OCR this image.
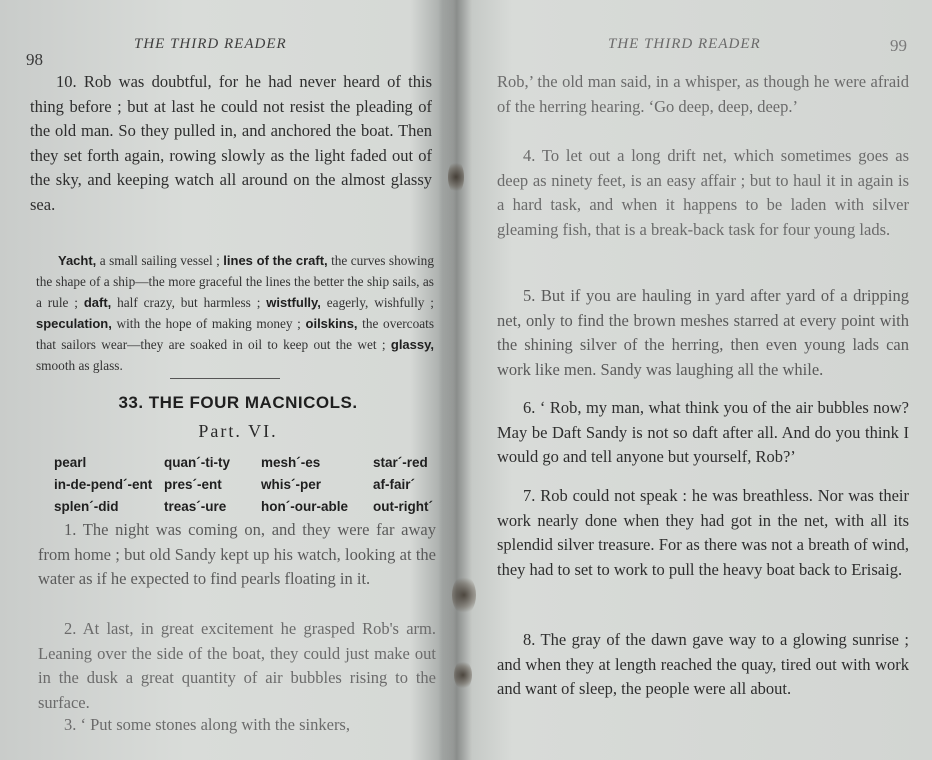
98
THE THIRD READER
10. Rob was doubtful, for he had never heard of this thing before ; but at last he could not resist the pleading of the old man. So they pulled in, and anchored the boat. Then they set forth again, rowing slowly as the light faded out of the sky, and keeping watch all around on the almost glassy sea.
Yacht, a small sailing vessel ; lines of the craft, the curves showing the shape of a ship—the more graceful the lines the better the ship sails, as a rule ; daft, half crazy, but harmless ; wistfully, eagerly, wishfully ; speculation, with the hope of making money ; oilskins, the overcoats that sailors wear—they are soaked in oil to keep out the wet ; glassy, smooth as glass.
33. THE FOUR MACNICOLS.
Part. VI.
pearl	quan´-ti-ty	mesh´-es	star´-red
in-de-pend´-ent pres´-ent	whis´-per	af-fair´
splen´-did	treas´-ure	hon´-our-able	out-right´
1. The night was coming on, and they were far away from home ; but old Sandy kept up his watch, looking at the water as if he expected to find pearls floating in it.
2. At last, in great excitement he grasped Rob's arm. Leaning over the side of the boat, they could just make out in the dusk a great quantity of air bubbles rising to the surface.
3. ‘ Put some stones along with the sinkers,
99
THE THIRD READER
Rob,’ the old man said, in a whisper, as though he were afraid of the herring hearing. ‘Go deep, deep, deep.’
4. To let out a long drift net, which sometimes goes as deep as ninety feet, is an easy affair ; but to haul it in again is a hard task, and when it happens to be laden with silver gleaming fish, that is a break-back task for four young lads.
5. But if you are hauling in yard after yard of a dripping net, only to find the brown meshes starred at every point with the shining silver of the herring, then even young lads can work like men. Sandy was laughing all the while.
6. ‘ Rob, my man, what think you of the air bubbles now? May be Daft Sandy is not so daft after all. And do you think I would go and tell anyone but yourself, Rob?’
7. Rob could not speak : he was breathless. Nor was their work nearly done when they had got in the net, with all its splendid silver treasure. For as there was not a breath of wind, they had to set to work to pull the heavy boat back to Erisaig.
8. The gray of the dawn gave way to a glowing sunrise ; and when they at length reached the quay, tired out with work and want of sleep, the people were all about.
